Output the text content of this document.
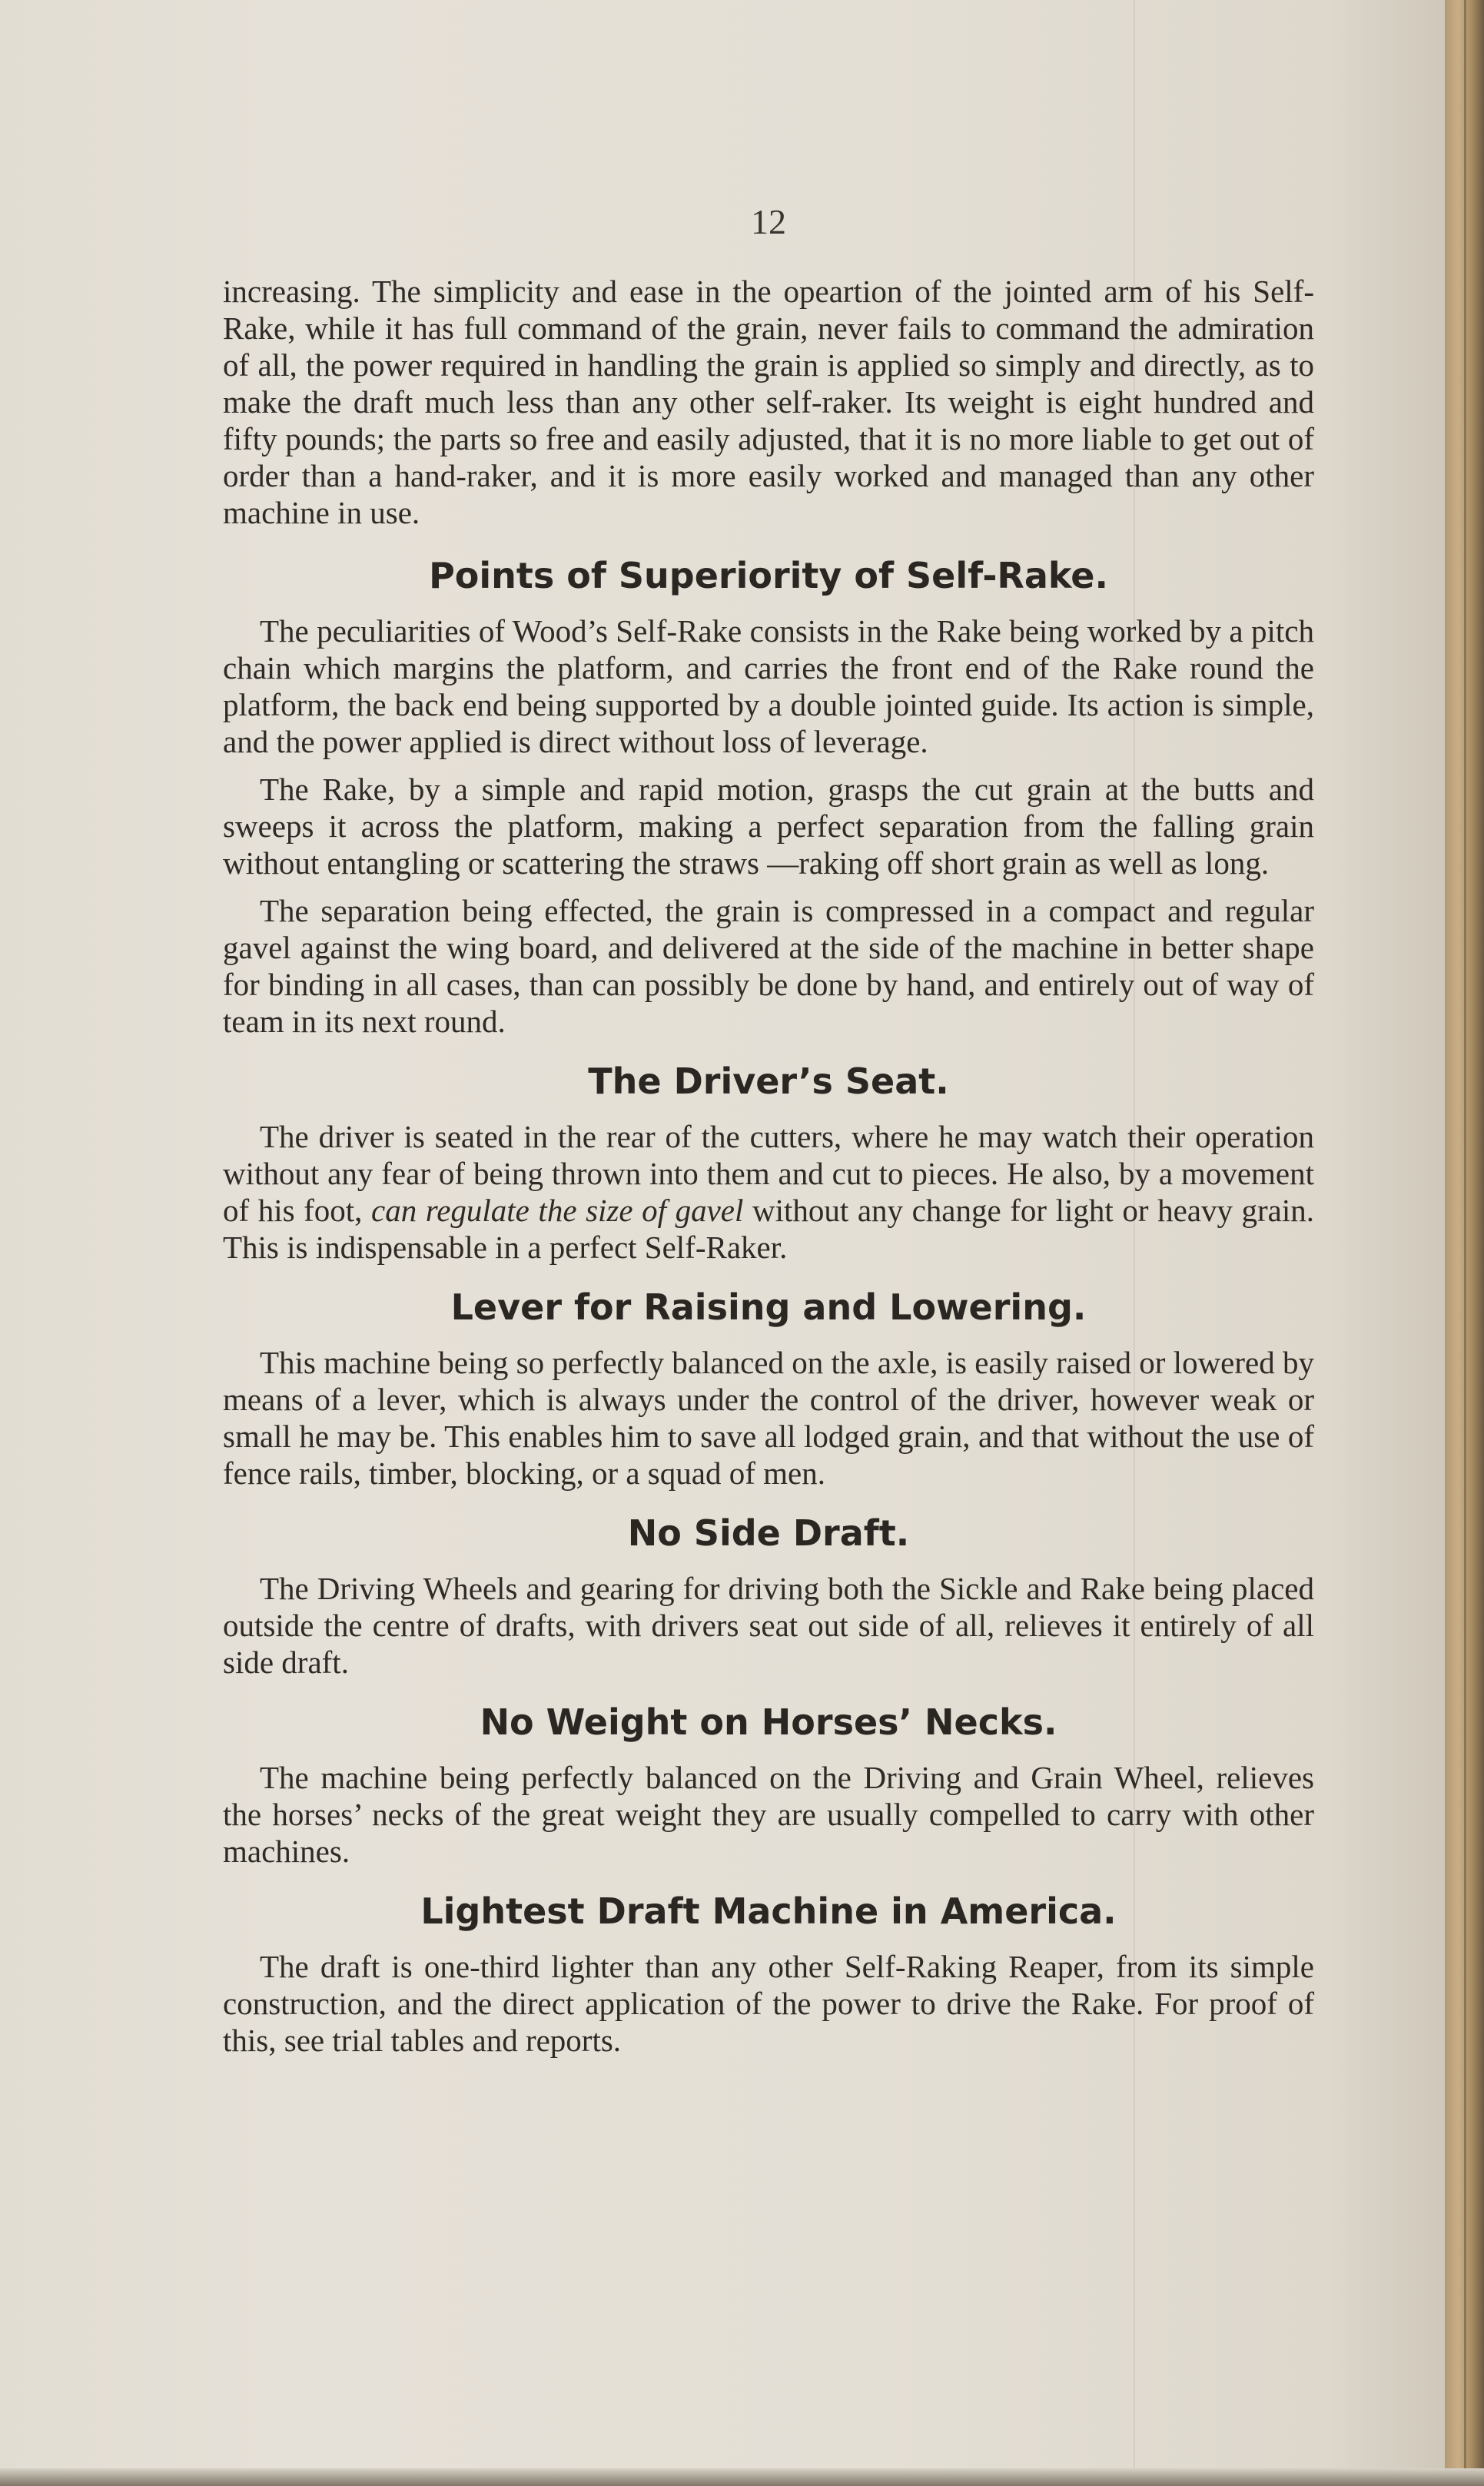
12

increasing. The simplicity and ease in the opeartion of the jointed arm of his Self-Rake, while it has full command of the grain, never fails to command the admiration of all, the power required in handling the grain is applied so simply and directly, as to make the draft much less than any other self-raker. Its weight is eight hundred and fifty pounds; the parts so free and easily adjusted, that it is no more liable to get out of order than a hand-raker, and it is more easily worked and managed than any other machine in use.

Points of Superiority of Self-Rake.

The peculiarities of Wood’s Self-Rake consists in the Rake being worked by a pitch chain which margins the platform, and carries the front end of the Rake round the platform, the back end being supported by a double jointed guide. Its action is simple, and the power applied is direct without loss of leverage.

The Rake, by a simple and rapid motion, grasps the cut grain at the butts and sweeps it across the platform, making a perfect separation from the falling grain without entangling or scattering the straws —raking off short grain as well as long.

The separation being effected, the grain is compressed in a compact and regular gavel against the wing board, and delivered at the side of the machine in better shape for binding in all cases, than can possibly be done by hand, and entirely out of way of team in its next round.

The Driver’s Seat.

The driver is seated in the rear of the cutters, where he may watch their operation without any fear of being thrown into them and cut to pieces. He also, by a movement of his foot, can regulate the size of gavel without any change for light or heavy grain. This is indispensable in a perfect Self-Raker.

Lever for Raising and Lowering.

This machine being so perfectly balanced on the axle, is easily raised or lowered by means of a lever, which is always under the control of the driver, however weak or small he may be. This enables him to save all lodged grain, and that without the use of fence rails, timber, blocking, or a squad of men.

No Side Draft.

The Driving Wheels and gearing for driving both the Sickle and Rake being placed outside the centre of drafts, with drivers seat out side of all, relieves it entirely of all side draft.

No Weight on Horses’ Necks.

The machine being perfectly balanced on the Driving and Grain Wheel, relieves the horses’ necks of the great weight they are usually compelled to carry with other machines.

Lightest Draft Machine in America.

The draft is one-third lighter than any other Self-Raking Reaper, from its simple construction, and the direct application of the power to drive the Rake. For proof of this, see trial tables and reports.
